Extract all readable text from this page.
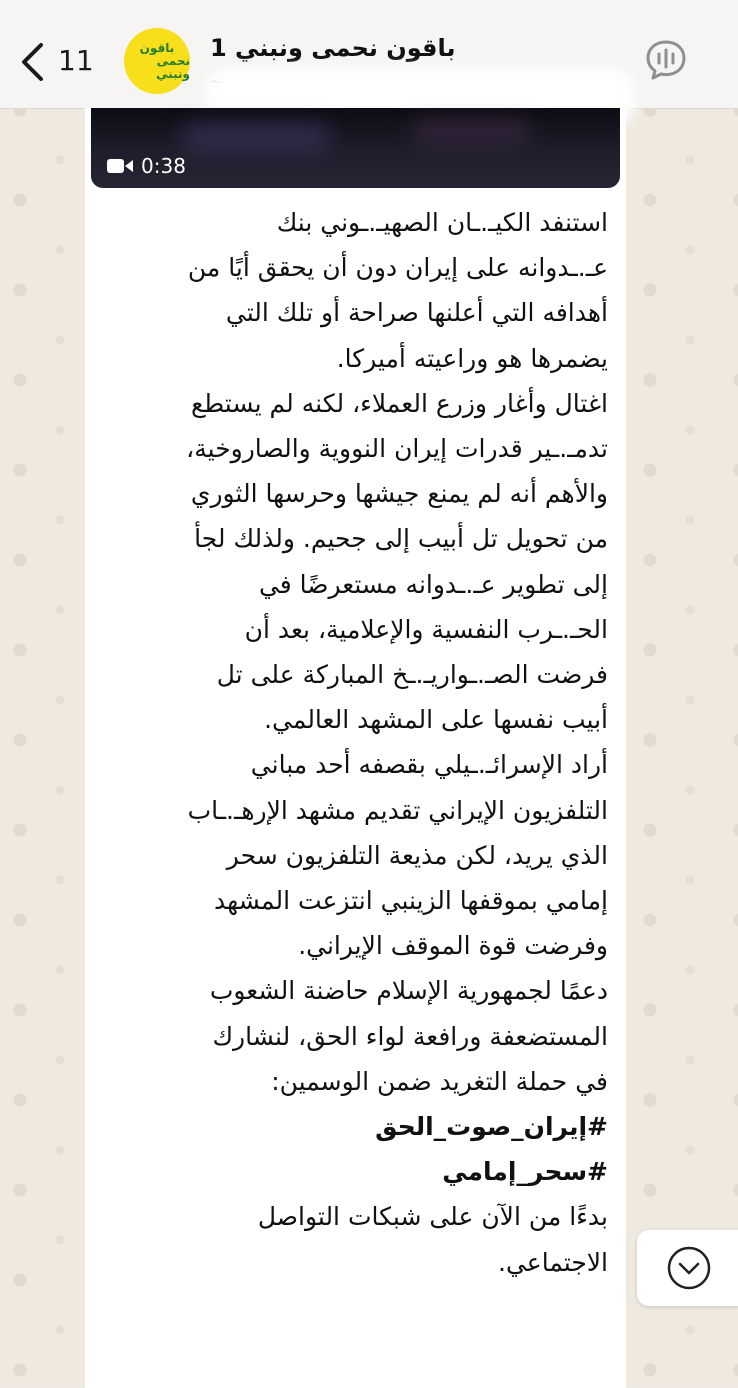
11	باقون
نحمى ونبني
باقون نحمى ونبني 1
0:38
استنفد الكيـ.ـان الصهيـ.ـوني بنك
عـ.ـدوانه على إيران دون أن يحقق أيًا من
أهدافه التي أعلنها صراحة أو تلك التي
يضمرها هو وراعيته أميركا.
اغتال وأغار وزرع العملاء، لكنه لم يستطع
تدمـ.ـير قدرات إيران النووية والصاروخية،
والأهم أنه لم يمنع جيشها وحرسها الثوري
من تحويل تل أبيب إلى جحيم. ولذلك لجأ
إلى تطوير عـ.ـدوانه مستعرضًا في
الحـ.ـرب النفسية والإعلامية، بعد أن
فرضت الصـ.ـواريـ.ـخ المباركة على تل
أبيب نفسها على المشهد العالمي.
أراد الإسرائـ.ـيلي بقصفه أحد مباني
التلفزيون الإيراني تقديم مشهد الإرهـ.ـاب
الذي يريد، لكن مذيعة التلفزيون سحر
إمامي بموقفها الزينبي انتزعت المشهد
وفرضت قوة الموقف الإيراني.
دعمًا لجمهورية الإسلام حاضنة الشعوب
المستضعفة ورافعة لواء الحق، لنشارك
في حملة التغريد ضمن الوسمين:
#إيران_صوت_الحق
#سحر_إمامي
بدءًا من الآن على شبكات التواصل
الاجتماعي.
